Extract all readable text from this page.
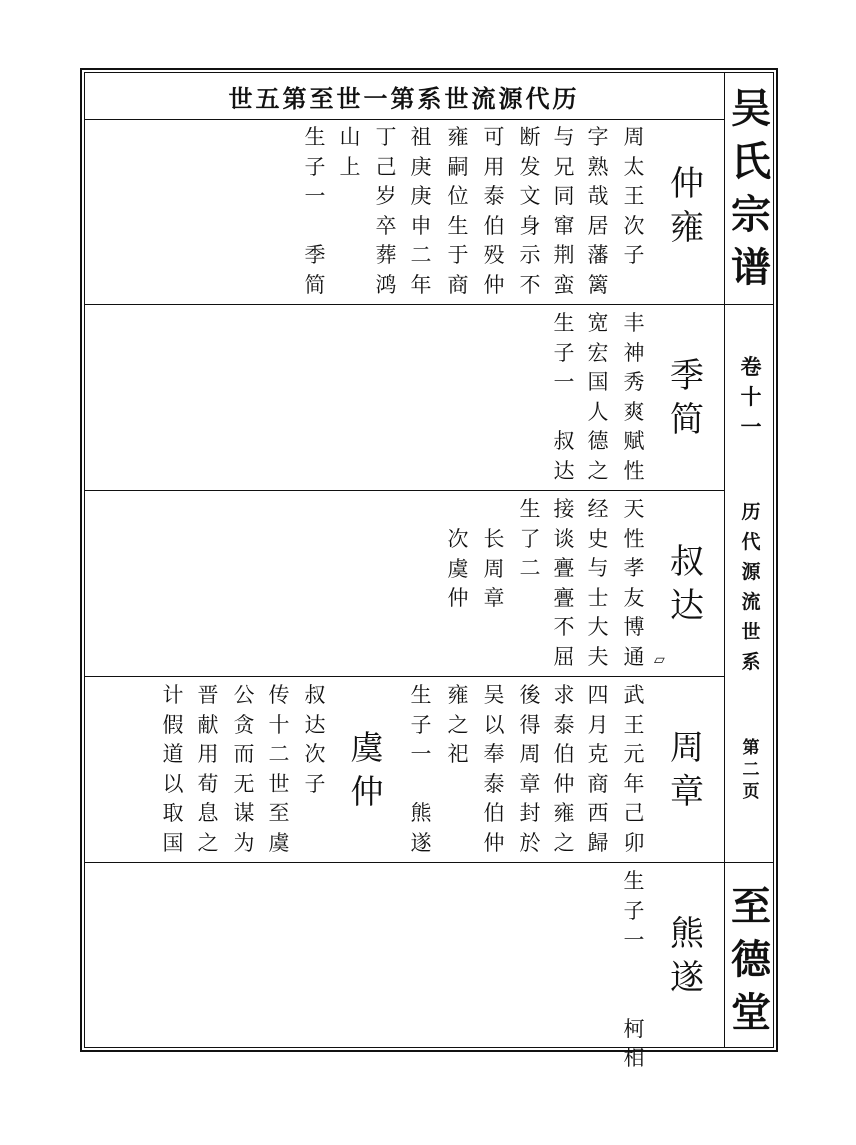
世五第至世一第系世流源代历	吴
氏
宗
谱
卷
十
一
历
代
源
流
世
系
第
二
页
至
德
堂
仲
雍
周
太
王
次
子
字
熟
哉
居
藩
篱
与
兄
同
窜
荆
蛮
断
发
文
身
示
不
可
用
泰
伯
殁
仲
雍
嗣
位
生
于
商
祖
庚
庚
申
二
年
丁
己
岁
卒
葬
鸿
山
上
生
子
一

季
简
季
简
丰
神
秀
爽
赋
性
宽
宏
国
人
德
之
生
子
一

叔
达
叔
达
天
性
孝
友
博
通
经
史
与
士
大
夫
接
谈
亹
亹
不
屈
生
了
二
长
周
章
次
虞
仲
▱
周
章
武
王
元
年
己
卯
四
月
克
商
西
歸
求
泰
伯
仲
雍
之
後
得
周
章
封
於
吴
以
奉
泰
伯
仲
雍
之
祀
生
子
一

熊
遂
虞
仲
叔
达
次
子
传
十
二
世
至
虞
公
贪
而
无
谋
为
晋
献
用
荀
息
之
计
假
道
以
取
国
熊
遂
生
子
一

柯
相
